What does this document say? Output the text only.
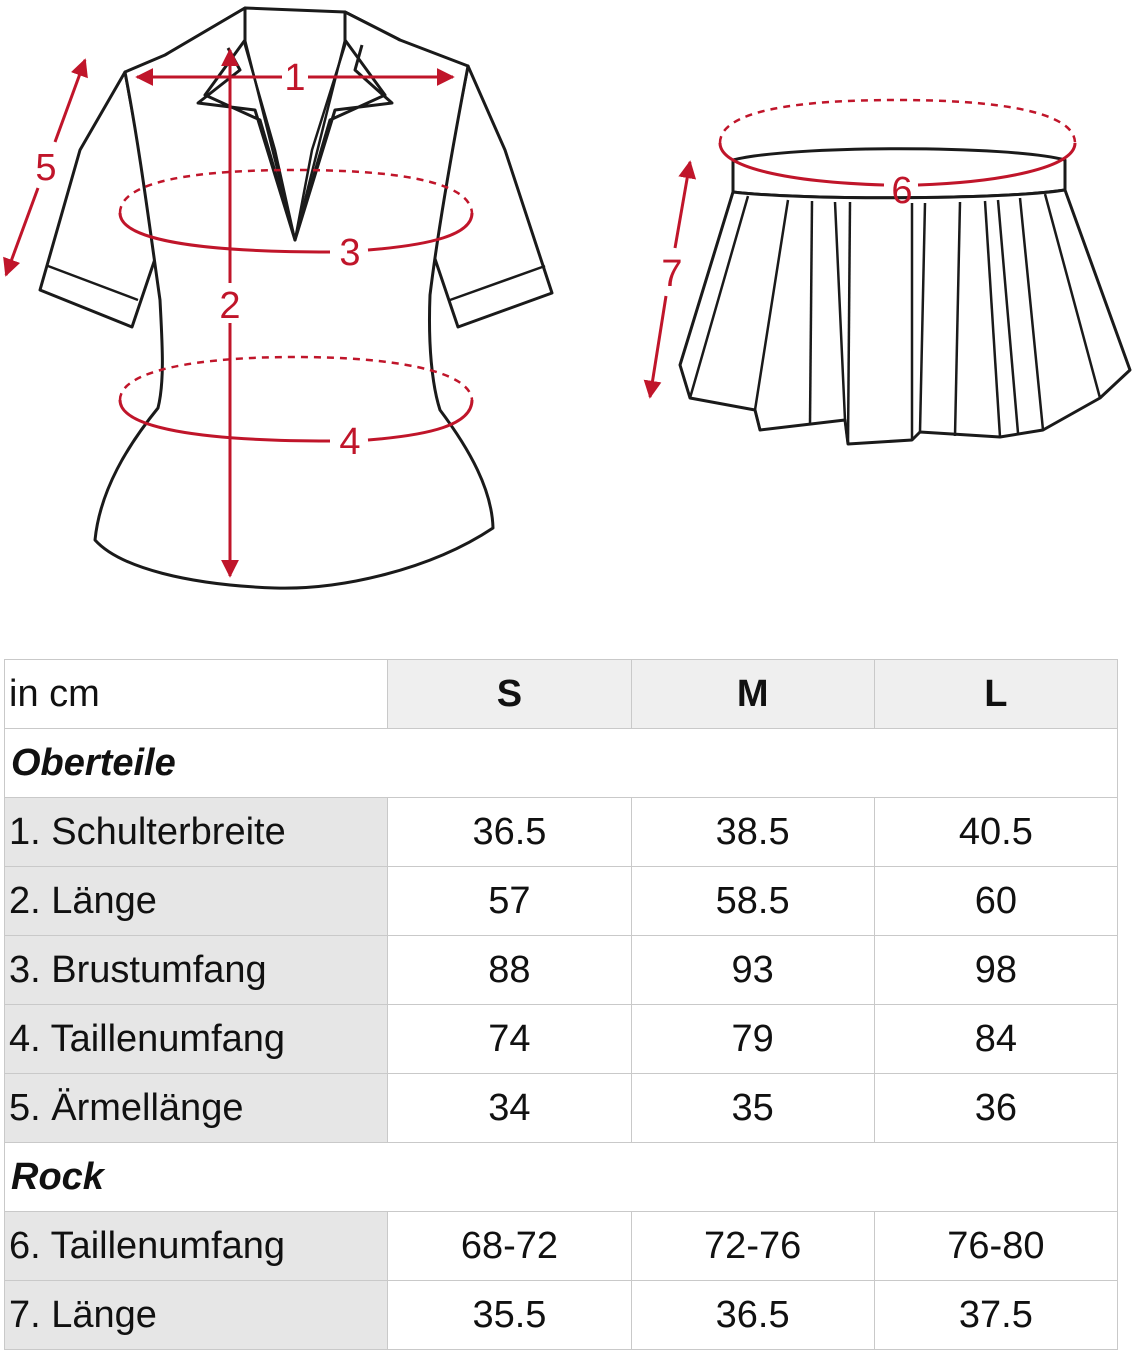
1
2
3
4
5
6
7
in cm	S	M	L
Oberteile			
1. Schulterbreite	36.5	38.5	40.5
2. Länge	57	58.5	60
3. Brustumfang	88	93	98
4. Taillenumfang	74	79	84
5. Ärmellänge	34	35	36
Rock			
6. Taillenumfang	68-72	72-76	76-80
7. Länge	35.5	36.5	37.5
